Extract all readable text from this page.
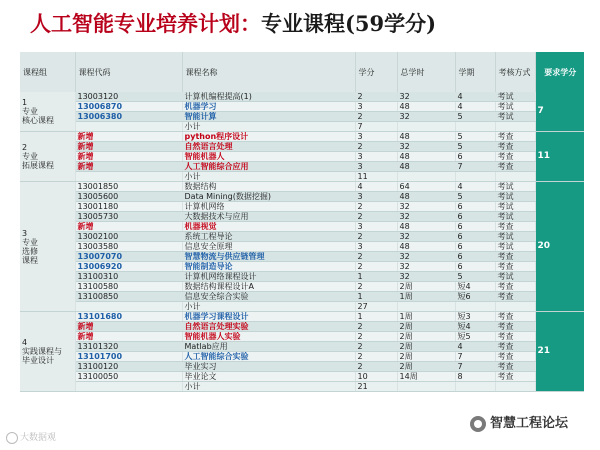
人工智能专业培养计划：专业课程(59学分)
课程组	课程代码	课程名称	学分	总学时	学期	考核方式	要求学分

1
专业
核心课程	13003120	计算机编程提高(1)	2	32	4	考试	7
	13006870	机器学习	3	48	4	考试	
	13006380	智能计算	2	32	5	考试	
		小计	7				

2
专业
拓展课程	新增	python程序设计	3	48	5	考查	11
	新增	自然语言处理	2	32	5	考查	
	新增	智能机器人	3	48	6	考查	
	新增	人工智能综合应用	3	48	7	考查	
		小计	11				

3
专业
选修
课程	13001850	数据结构	4	64	4	考试	20
	13005600	Data Mining(数据挖掘)	3	48	5	考试	
	13001180	计算机网络	2	32	6	考试	
	13005730	大数据技术与应用	2	32	6	考试	
	新增	机器视觉	3	48	6	考查	
	13002100	系统工程导论	2	32	6	考试	
	13003580	信息安全原理	3	48	6	考试	
	13007070	智慧物流与供应链管理	2	32	6	考查	
	13006920	智能制造导论	2	32	6	考查	
	13100310	计算机网络课程设计	1	32	5	考试	
	13100580	数据结构课程设计A	2	2周	短4	考查	
	13100850	信息安全综合实验	1	1周	短6	考查	
		小计	27				

4
实践课程与
毕业设计	13101680	机器学习课程设计	1	1周	短3	考查	21
	新增	自然语言处理实验	2	2周	短4	考查	
	新增	智能机器人实验	2	2周	短5	考查	
	13101320	Matlab应用	2	2周	4	考查	
	13101700	人工智能综合实验	2	2周	7	考查	
	13100120	毕业实习	2	2周	7	考查	
	13100050	毕业论文	10	14周	8	考查	
		小计	21				
大数据观
智慧工程论坛
